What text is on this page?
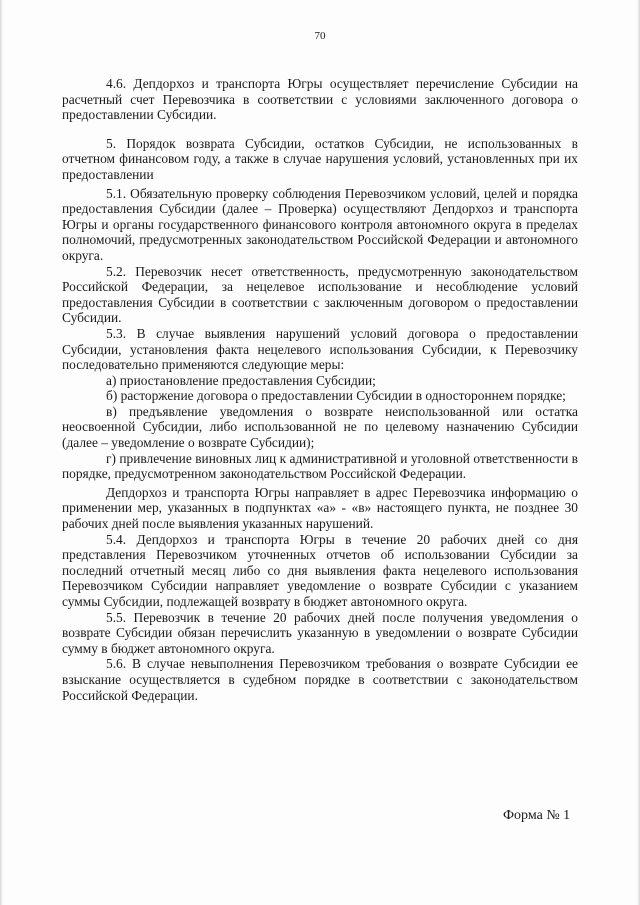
70

4.6. Депдорхоз и транспорта Югры осуществляет перечисление Субсидии на расчетный счет Перевозчика в соответствии с условиями заключенного договора о предоставлении Субсидии.

5. Порядок возврата Субсидии, остатков Субсидии, не использованных в отчетном финансовом году, а также в случае нарушения условий, установленных при их предоставлении

5.1. Обязательную проверку соблюдения Перевозчиком условий, целей и порядка предоставления Субсидии (далее – Проверка) осуществляют Депдорхоз и транспорта Югры и органы государственного финансового контроля автономного округа в пределах полномочий, предусмотренных законодательством Российской Федерации и автономного округа.

5.2. Перевозчик несет ответственность, предусмотренную законодательством Российской Федерации, за нецелевое использование и несоблюдение условий предоставления Субсидии в соответствии с заключенным договором о предоставлении Субсидии.

5.3. В случае выявления нарушений условий договора о предоставлении Субсидии, установления факта нецелевого использования Субсидии, к Перевозчику последовательно применяются следующие меры:

а) приостановление предоставления Субсидии;

б) расторжение договора о предоставлении Субсидии в одностороннем порядке;

в) предъявление уведомления о возврате неиспользованной или остатка неосвоенной Субсидии, либо использованной не по целевому назначению Субсидии (далее – уведомление о возврате Субсидии);

г) привлечение виновных лиц к административной и уголовной ответственности в порядке, предусмотренном законодательством Российской Федерации.

Депдорхоз и транспорта Югры направляет в адрес Перевозчика информацию о применении мер, указанных в подпунктах «а» - «в» настоящего пункта, не позднее 30 рабочих дней после выявления указанных нарушений.

5.4. Депдорхоз и транспорта Югры в течение 20 рабочих дней со дня представления Перевозчиком уточненных отчетов об использовании Субсидии за последний отчетный месяц либо со дня выявления факта нецелевого использования Перевозчиком Субсидии направляет уведомление о возврате Субсидии с указанием суммы Субсидии, подлежащей возврату в бюджет автономного округа.

5.5. Перевозчик в течение 20 рабочих дней после получения уведомления о возврате Субсидии обязан перечислить указанную в уведомлении о возврате Субсидии сумму в бюджет автономного округа.

5.6. В случае невыполнения Перевозчиком требования о возврате Субсидии ее взыскание осуществляется в судебном порядке в соответствии с законодательством Российской Федерации.

Форма № 1
